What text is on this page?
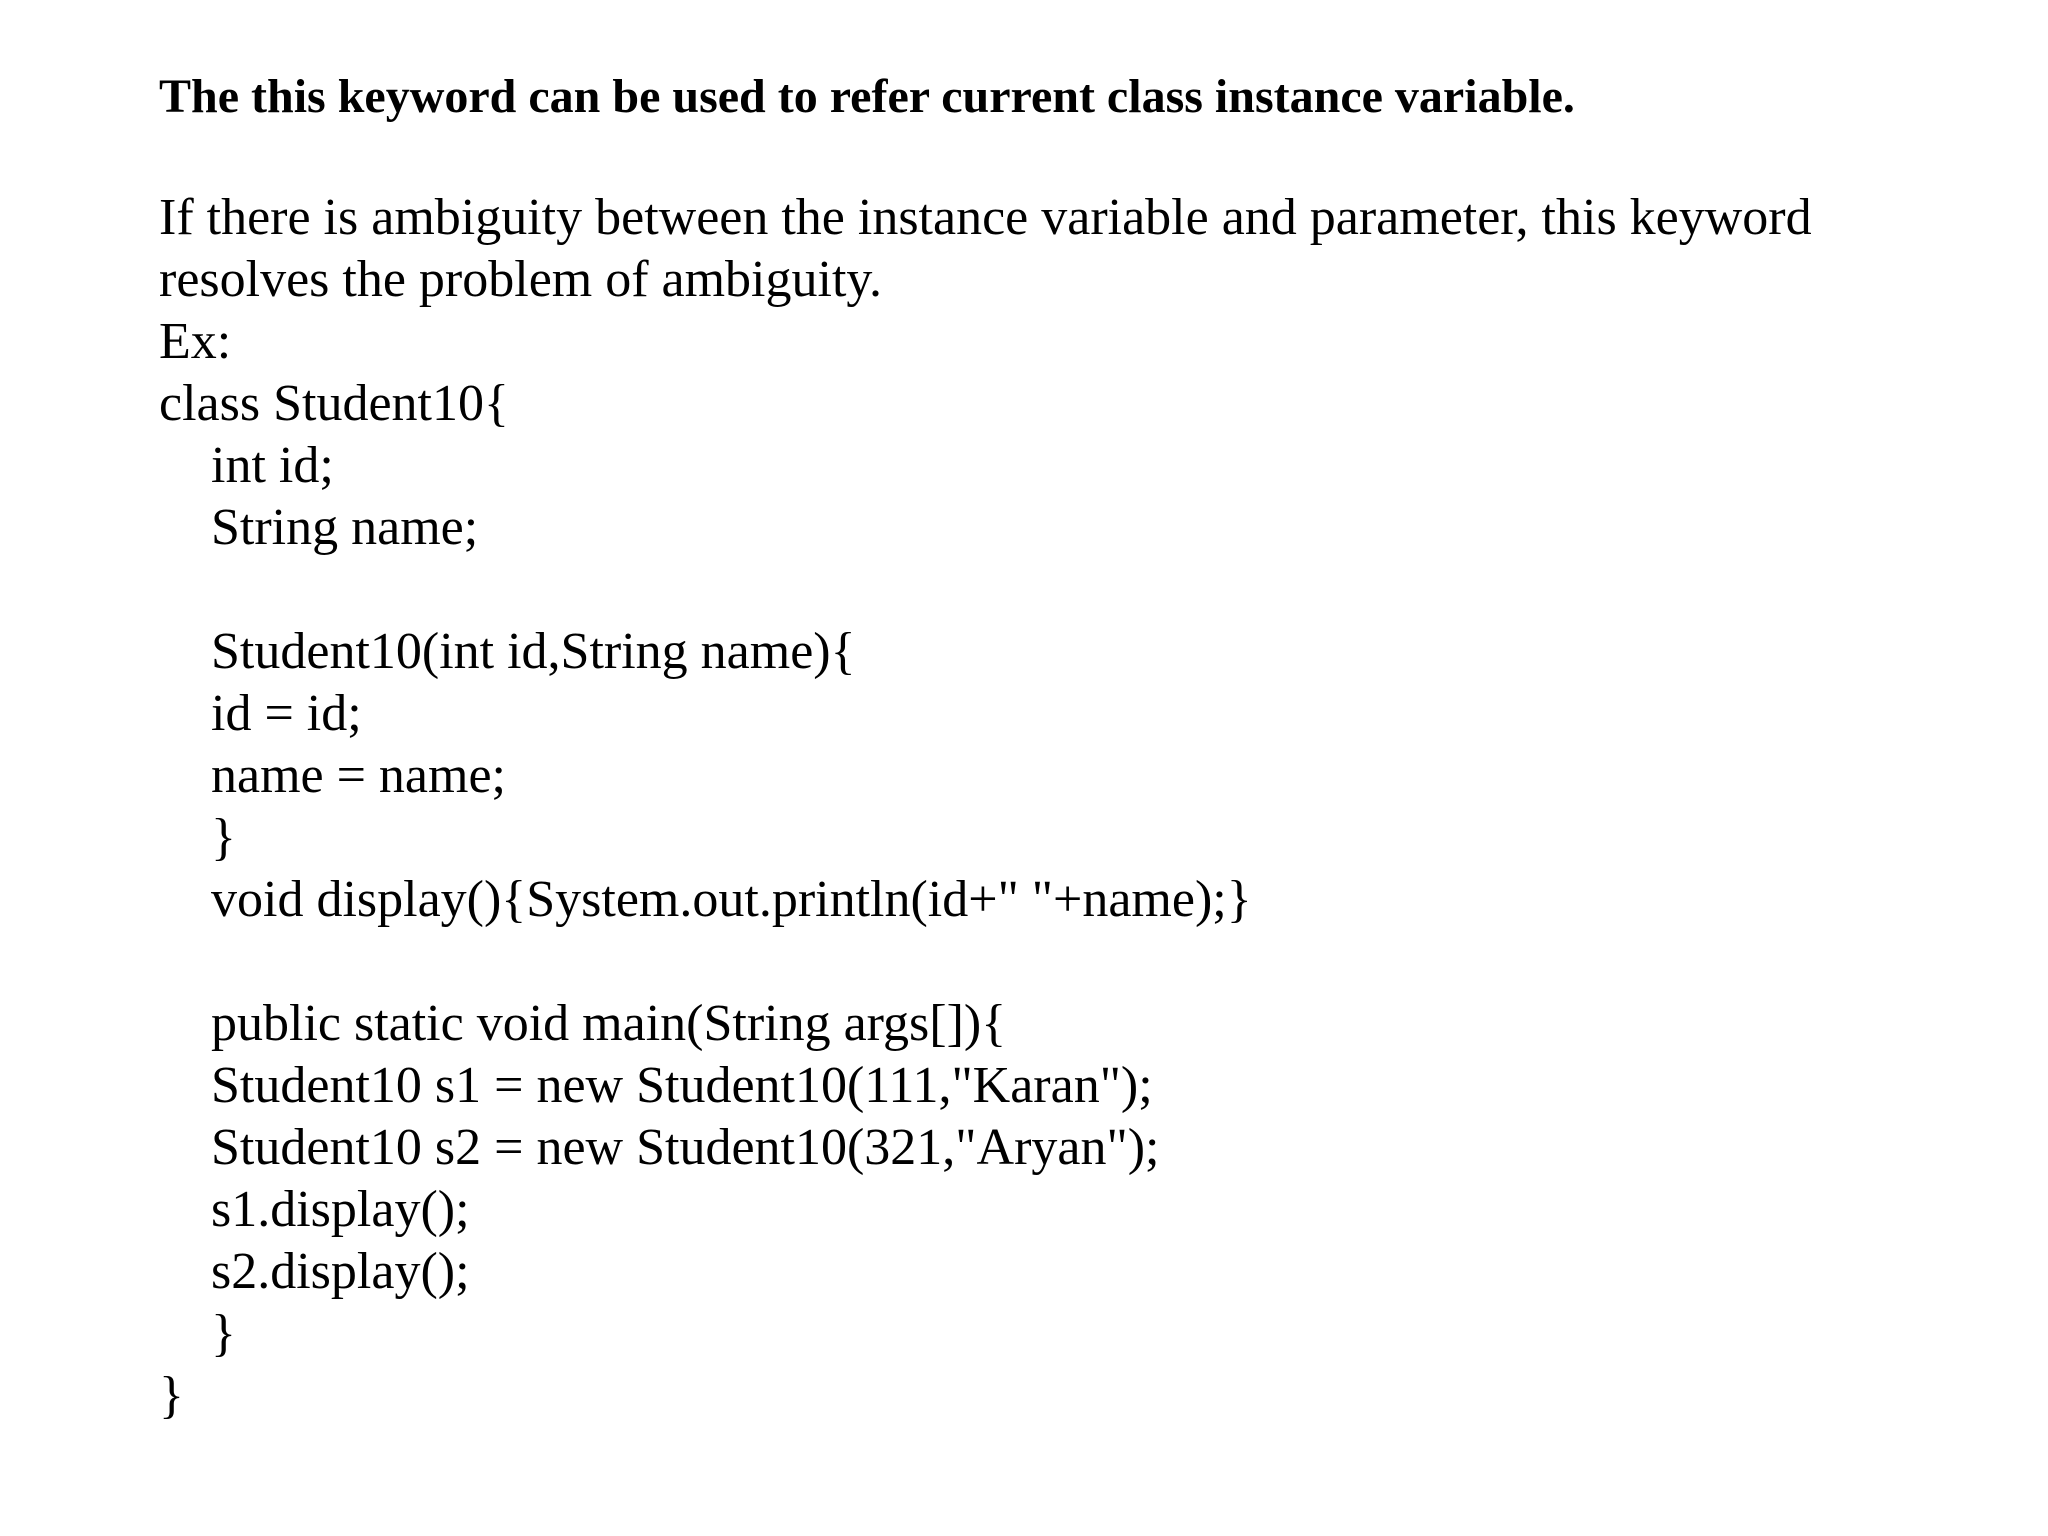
The this keyword can be used to refer current class instance variable.
If there is ambiguity between the instance variable and parameter, this keyword
resolves the problem of ambiguity.
Ex:
class Student10{
int id;
String name;
Student10(int id,String name){
id = id;
name = name;
}
void display(){System.out.println(id+" "+name);}
public static void main(String args[]){
Student10 s1 = new Student10(111,"Karan");
Student10 s2 = new Student10(321,"Aryan");
s1.display();
s2.display();
}
}
